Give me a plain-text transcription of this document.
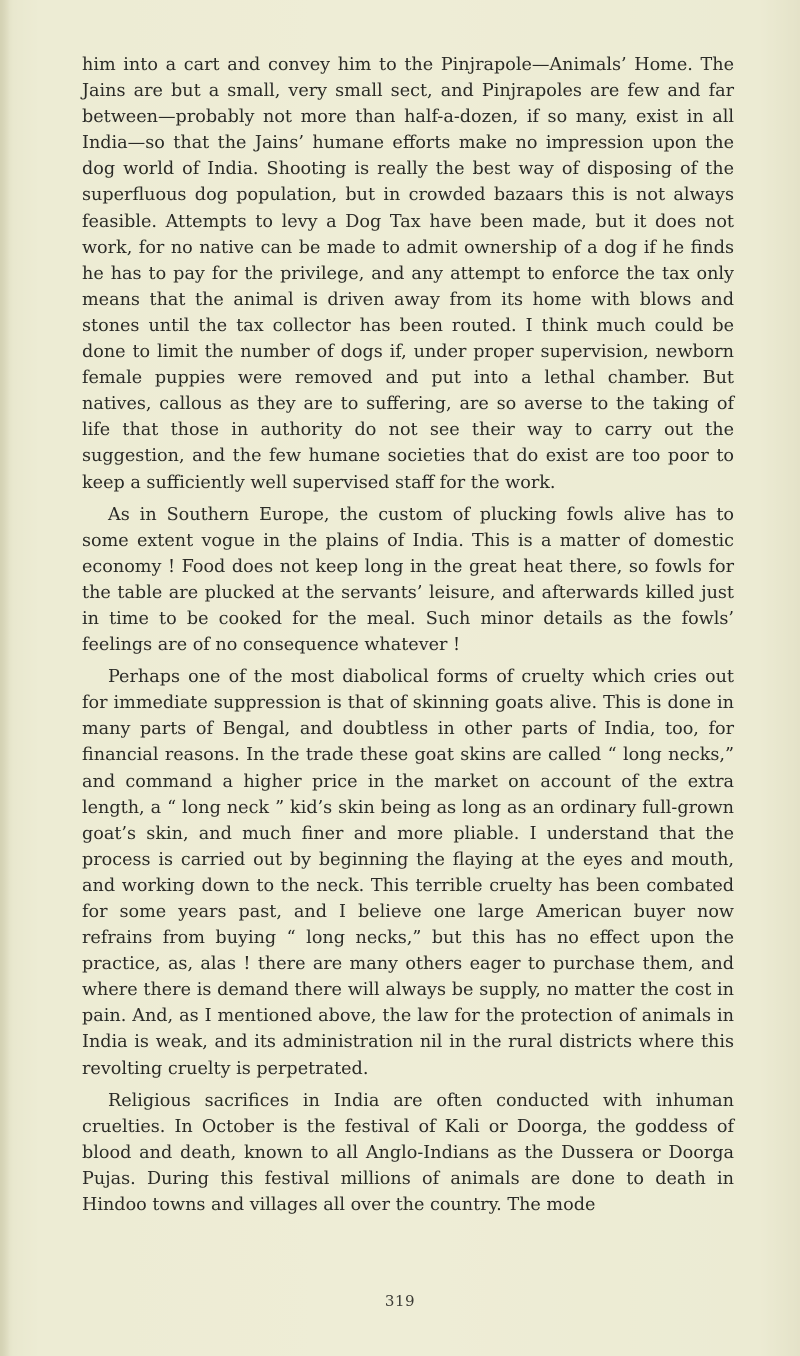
him into a cart and convey him to the Pinjrapole—Animals’ Home. The Jains are but a small, very small sect, and Pinjrapoles are few and far between—probably not more than half-a-dozen, if so many, exist in all India—so that the Jains’ humane efforts make no impression upon the dog world of India. Shooting is really the best way of disposing of the superfluous dog population, but in crowded bazaars this is not always feasible. Attempts to levy a Dog Tax have been made, but it does not work, for no native can be made to admit ownership of a dog if he finds he has to pay for the privilege, and any attempt to enforce the tax only means that the animal is driven away from its home with blows and stones until the tax collector has been routed. I think much could be done to limit the number of dogs if, under proper supervision, newborn female puppies were removed and put into a lethal chamber. But natives, callous as they are to suffering, are so averse to the taking of life that those in authority do not see their way to carry out the suggestion, and the few humane societies that do exist are too poor to keep a sufficiently well supervised staff for the work.

As in Southern Europe, the custom of plucking fowls alive has to some extent vogue in the plains of India. This is a matter of domestic economy ! Food does not keep long in the great heat there, so fowls for the table are plucked at the servants’ leisure, and afterwards killed just in time to be cooked for the meal. Such minor details as the fowls’ feelings are of no consequence whatever !

Perhaps one of the most diabolical forms of cruelty which cries out for immediate suppression is that of skinning goats alive. This is done in many parts of Bengal, and doubtless in other parts of India, too, for financial reasons. In the trade these goat skins are called “ long necks,” and command a higher price in the market on account of the extra length, a “ long neck ” kid’s skin being as long as an ordinary full-grown goat’s skin, and much finer and more pliable. I understand that the process is carried out by beginning the flaying at the eyes and mouth, and working down to the neck. This terrible cruelty has been combated for some years past, and I believe one large American buyer now refrains from buying “ long necks,” but this has no effect upon the practice, as, alas ! there are many others eager to purchase them, and where there is demand there will always be supply, no matter the cost in pain. And, as I mentioned above, the law for the protection of animals in India is weak, and its administration nil in the rural districts where this revolting cruelty is perpetrated.

Religious sacrifices in India are often conducted with inhuman cruelties. In October is the festival of Kali or Doorga, the goddess of blood and death, known to all Anglo-Indians as the Dussera or Doorga Pujas. During this festival millions of animals are done to death in Hindoo towns and villages all over the country. The mode

319
